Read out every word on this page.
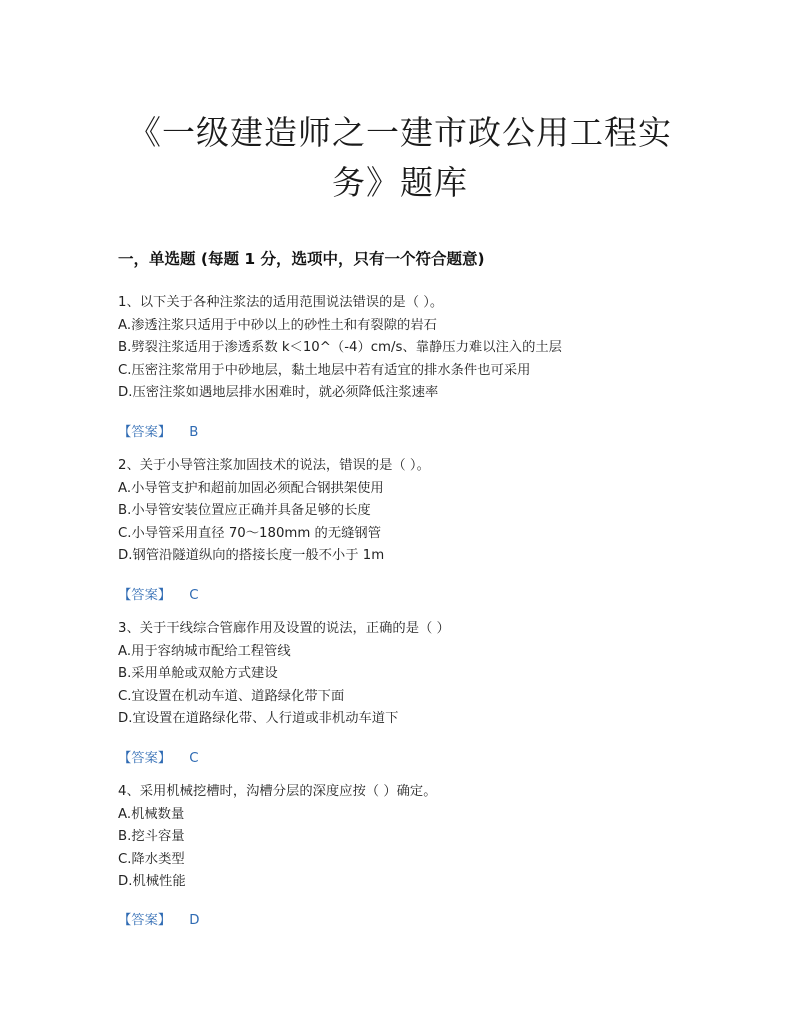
《一级建造师之一建市政公用工程实
务》题库
一，单选题 (每题 1 分，选项中，只有一个符合题意)
1、以下关于各种注浆法的适用范围说法错误的是（ ）。
A.渗透注浆只适用于中砂以上的砂性土和有裂隙的岩石
B.劈裂注浆适用于渗透系数 k＜10^（-4）cm/s、靠静压力难以注入的土层
C.压密注浆常用于中砂地层，黏土地层中若有适宜的排水条件也可采用
D.压密注浆如遇地层排水困难时，就必须降低注浆速率
【答案】 B
2、关于小导管注浆加固技术的说法，错误的是（ ）。
A.小导管支护和超前加固必须配合钢拱架使用
B.小导管安装位置应正确并具备足够的长度
C.小导管采用直径 70～180mm 的无缝钢管
D.钢管沿隧道纵向的搭接长度一般不小于 1m
【答案】 C
3、关于干线综合管廊作用及设置的说法，正确的是（ ）
A.用于容纳城市配给工程管线
B.采用单舱或双舱方式建设
C.宜设置在机动车道、道路绿化带下面
D.宜设置在道路绿化带、人行道或非机动车道下
【答案】 C
4、采用机械挖槽时，沟槽分层的深度应按（ ）确定。
A.机械数量
B.挖斗容量
C.降水类型
D.机械性能
【答案】 D
